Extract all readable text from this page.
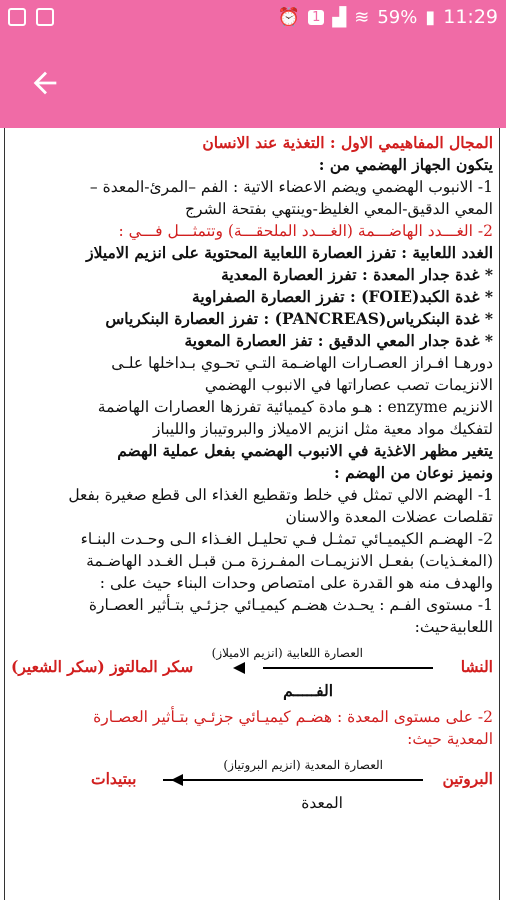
⏰ 1 ▟ ≋ 59% ▮ 11:29
المجال المفاهيمي الاول : التغذية عند الانسان
يتكون الجهاز الهضمي من :
1- الانبوب الهضمي ويضم الاعضاء الاتية : الفم –المرئ-المعدة –
المعي الدقيق-المعي الغليظ-وينتهي بفتحة الشرج
2- الغـــدد الهاضـــمة (الغـــدد الملحقـــة) وتتمثـــل فـــي :
الغدد اللعابية : تفرز العصارة اللعابية المحتوية على انزيم الاميلاز
* غدة جدار المعدة : تفرز العصارة المعدية
* غدة الكبد(FOIE) : تفرز العصارة الصفراوية
* غدة البنكرياس(PANCREAS) : تفرز العصارة البنكرياس
* غدة جدار المعي الدقيق : تفز العصارة المعوية
دورهـا افـراز العصـارات الهاضـمة التـي تحـوي بـداخلها علـى
الانزيمات تصب عصاراتها في الانبوب الهضمي
الانزيم enzyme : هـو مادة كيميائية تفرزها العصارات الهاضمة
لتفكيك مواد معية مثل انزيم الاميلاز والبروتيباز والليباز
يتغير مظهر الاغذية في الانبوب الهضمي بفعل عملية الهضم
ونميز نوعان من الهضم :
1- الهضم الالي تمثل في خلط وتقطيع الغذاء الى قطع صغيرة بفعل
تقلصات عضلات المعدة والاسنان
2- الهضـم الكيميـائي تمثـل فـي تحليـل الغـذاء الـى وحـدت البنـاء
(المغـذيات) بفعـل الانزيمـات المفـرزة مـن قبـل الغـدد الهاضـمة
والهدف منه هو القدرة على امتصاص وحدات البناء حيث على :
1- مستوى الفـم : يحـدث هضـم كيميـائي جزئـي بتـأثير العصـارة
اللعابيةحيث:
النشا
العصارة اللعابية (انزيم الاميلاز)
سكر المالتوز (سكر الشعير)
الفـــــم
2- على مستوى المعدة : هضـم كيميـائي جزئـي بتـأثير العصـارة
المعدية حيث:
البروتين
العصارة المعدية (انزيم البروتياز)
ببتيدات
المعدة
